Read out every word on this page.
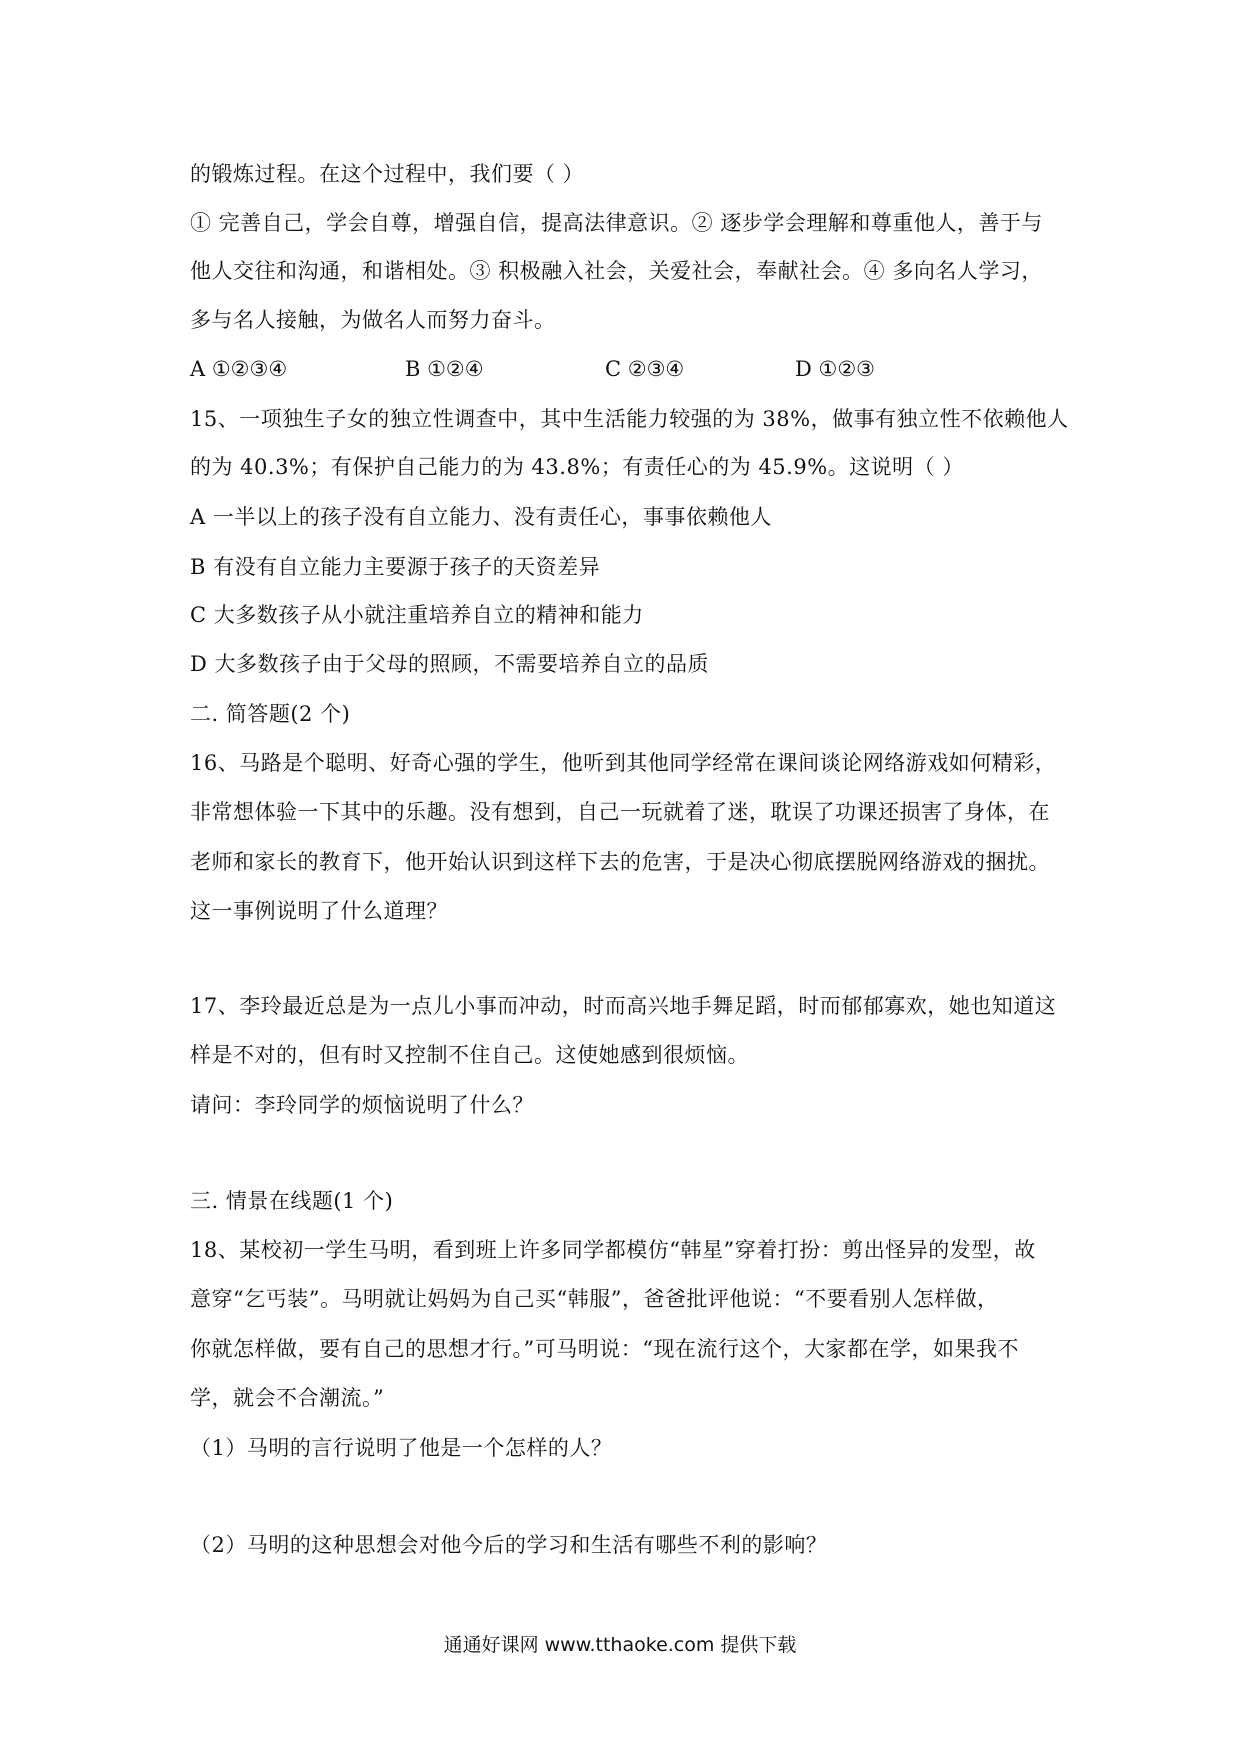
的锻炼过程。在这个过程中，我们要（ ）
① 完善自己，学会自尊，增强自信，提高法律意识。② 逐步学会理解和尊重他人，善于与
他人交往和沟通，和谐相处。③ 积极融入社会，关爱社会，奉献社会。④ 多向名人学习，
多与名人接触，为做名人而努力奋斗。
A ①②③④	B ①②④	C ②③④	D ①②③
15、一项独生子女的独立性调查中，其中生活能力较强的为 38%，做事有独立性不依赖他人
的为 40.3%；有保护自己能力的为 43.8%；有责任心的为 45.9%。这说明（ ）
A 一半以上的孩子没有自立能力、没有责任心，事事依赖他人
B 有没有自立能力主要源于孩子的天资差异
C 大多数孩子从小就注重培养自立的精神和能力
D 大多数孩子由于父母的照顾，不需要培养自立的品质
二. 简答题(2 个)
16、马路是个聪明、好奇心强的学生，他听到其他同学经常在课间谈论网络游戏如何精彩，
非常想体验一下其中的乐趣。没有想到，自己一玩就着了迷，耽误了功课还损害了身体，在
老师和家长的教育下，他开始认识到这样下去的危害，于是决心彻底摆脱网络游戏的捆扰。
这一事例说明了什么道理？
17、李玲最近总是为一点儿小事而冲动，时而高兴地手舞足蹈，时而郁郁寡欢，她也知道这
样是不对的，但有时又控制不住自己。这使她感到很烦恼。
请问：李玲同学的烦恼说明了什么？
三. 情景在线题(1 个)
18、某校初一学生马明，看到班上许多同学都模仿“韩星”穿着打扮：剪出怪异的发型，故
意穿“乞丐装”。马明就让妈妈为自己买“韩服”，爸爸批评他说：“不要看别人怎样做，
你就怎样做，要有自己的思想才行。”可马明说：“现在流行这个，大家都在学，如果我不
学，就会不合潮流。”
（1）马明的言行说明了他是一个怎样的人？
（2）马明的这种思想会对他今后的学习和生活有哪些不利的影响？
通通好课网 www.tthaoke.com 提供下载
